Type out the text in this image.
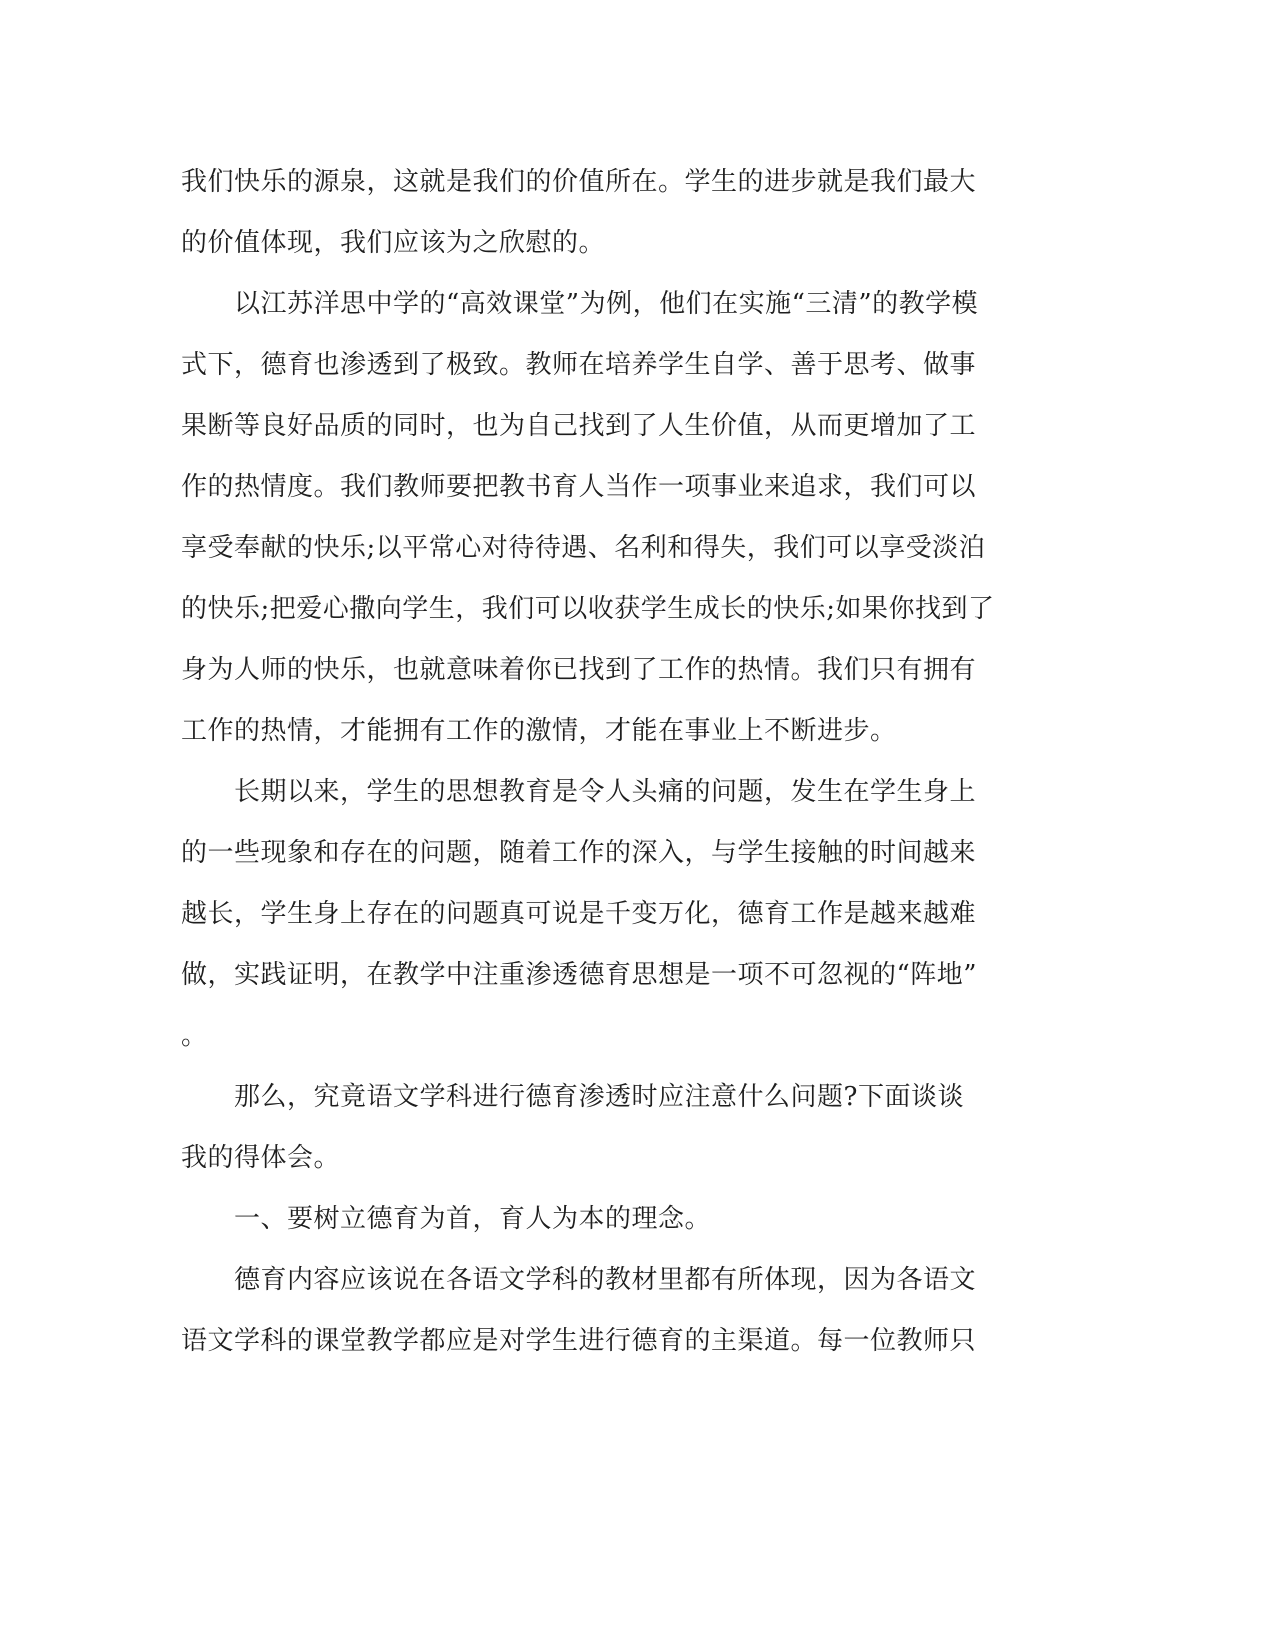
我们快乐的源泉，这就是我们的价值所在。学生的进步就是我们最大
的价值体现，我们应该为之欣慰的。
　　以江苏洋思中学的“高效课堂”为例，他们在实施“三清”的教学模
式下，德育也渗透到了极致。教师在培养学生自学、善于思考、做事
果断等良好品质的同时，也为自己找到了人生价值，从而更增加了工
作的热情度。我们教师要把教书育人当作一项事业来追求，我们可以
享受奉献的快乐;以平常心对待待遇、名利和得失，我们可以享受淡泊
的快乐;把爱心撒向学生，我们可以收获学生成长的快乐;如果你找到了
身为人师的快乐，也就意味着你已找到了工作的热情。我们只有拥有
工作的热情，才能拥有工作的激情，才能在事业上不断进步。
　　长期以来，学生的思想教育是令人头痛的问题，发生在学生身上
的一些现象和存在的问题，随着工作的深入，与学生接触的时间越来
越长，学生身上存在的问题真可说是千变万化，德育工作是越来越难
做，实践证明，在教学中注重渗透德育思想是一项不可忽视的“阵地”
。
　　那么，究竟语文学科进行德育渗透时应注意什么问题?下面谈谈
我的得体会。
　　一、要树立德育为首，育人为本的理念。
　　德育内容应该说在各语文学科的教材里都有所体现，因为各语文
语文学科的课堂教学都应是对学生进行德育的主渠道。每一位教师只
